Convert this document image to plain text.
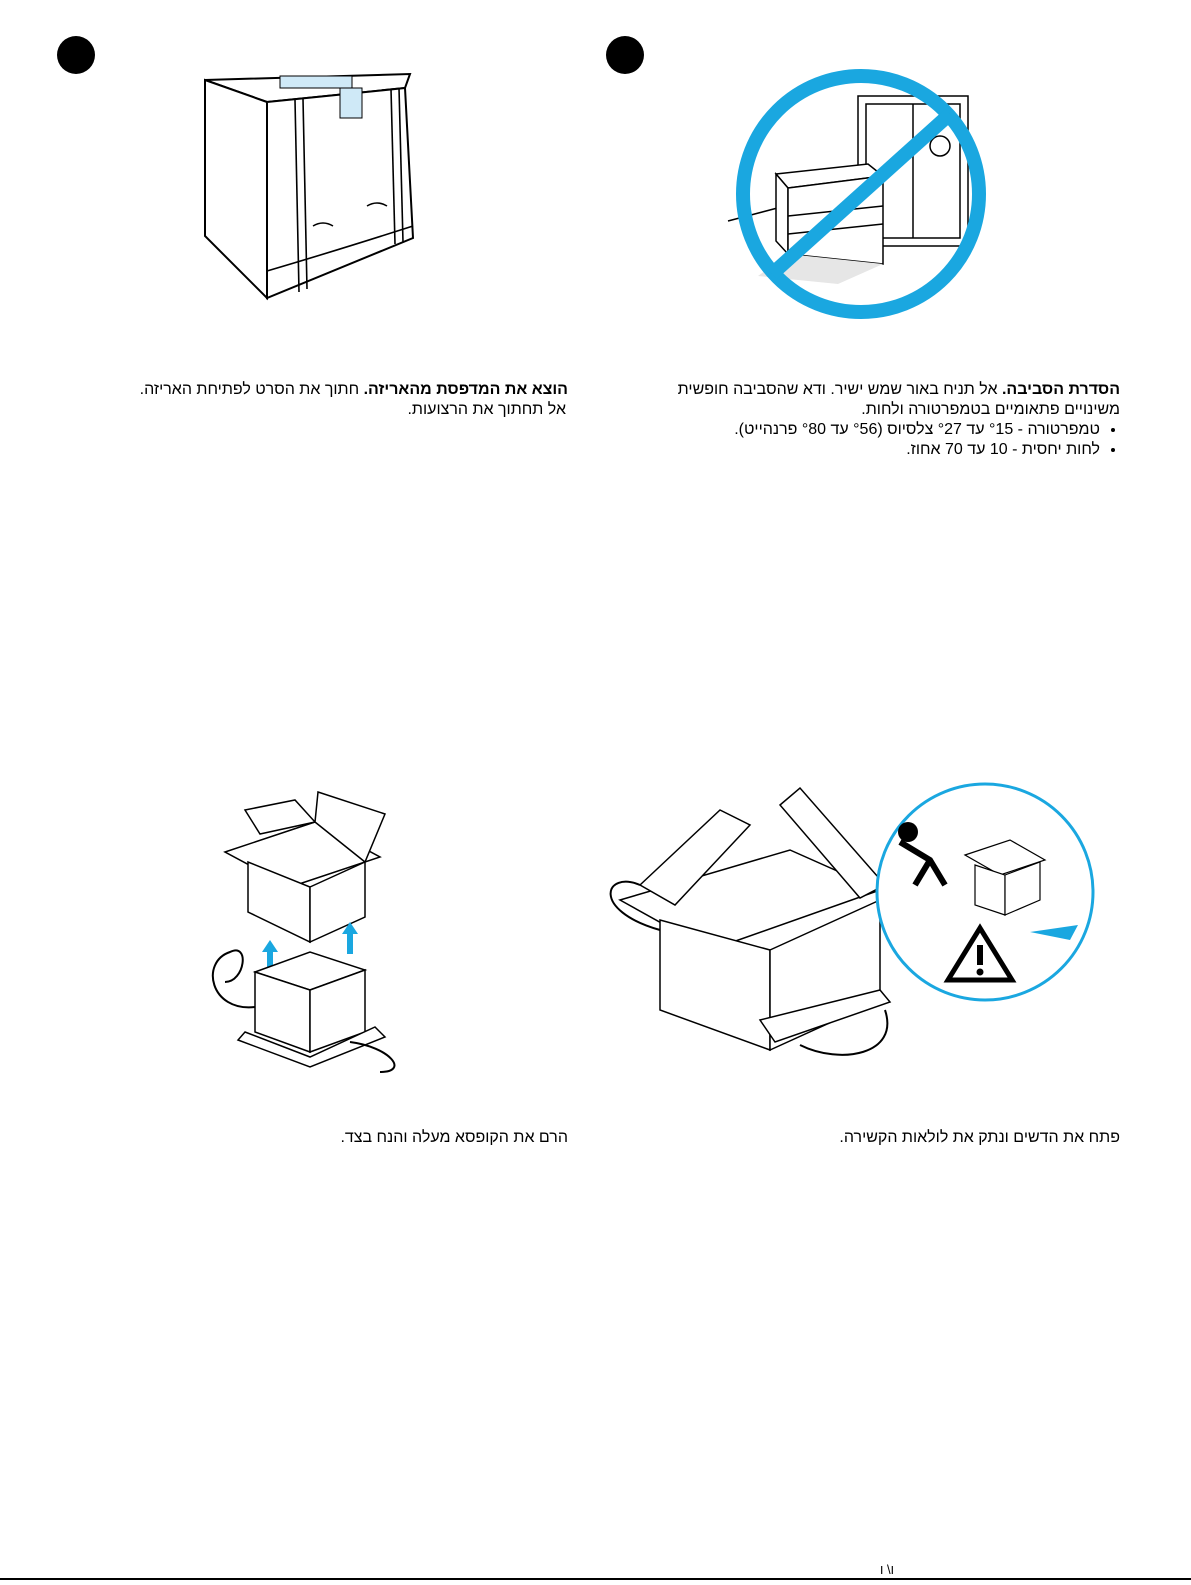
הסדרת הסביבה. אל תניח באור שמש ישיר. ודא שהסביבה חופשית
משינויים פתאומיים בטמפרטורה ולחות.
• טמפרטורה - °15 עד °27 צלסיוס (°56 עד °80 פרנהייט).
• לחות יחסית - 10 עד 70 אחוז.
הוצא את המדפסת מהאריזה. חתוך את הסרט לפתיחת האריזה.
אל תחתוך את הרצועות.
הרם את הקופסא מעלה והנח בצד.	פתח את הדשים ונתק את לולאות הקשירה.
ו\ ו
